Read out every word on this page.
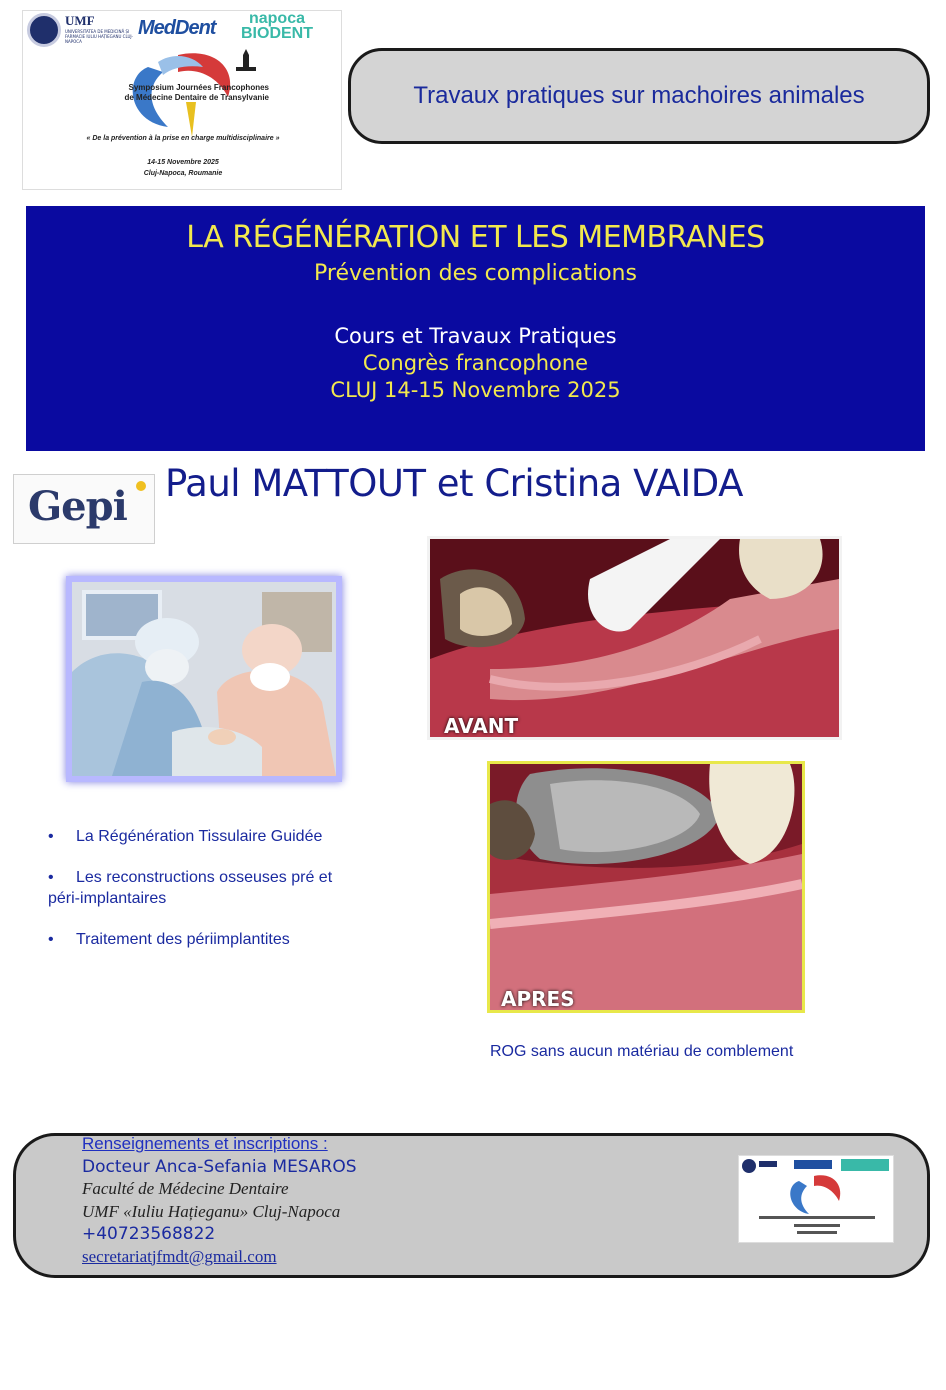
UMF
UNIVERSITATEA DE MEDICINĂ ȘI FARMACIE IULIU HAȚIEGANU CLUJ-NAPOCA
MedDent	napoca
BIODENT
Symposium Journées Francophones de Médecine Dentaire de Transylvanie
« De la prévention à la prise en charge multidisciplinaire »
14-15 Novembre 2025
Cluj-Napoca, Roumanie
Travaux pratiques sur machoires animales
LA RÉGÉNÉRATION ET LES MEMBRANES
Prévention des complications
Cours et Travaux Pratiques
Congrès francophone
CLUJ 14-15 Novembre 2025
Gepi Paul MATTOUT et Cristina VAIDA
AVANT
APRES
• La Régénération Tissulaire Guidée
• Les reconstructions osseuses pré et
péri-implantaires
• Traitement des périimplantites
ROG sans aucun matériau de comblement
Renseignements et inscriptions :
Docteur Anca-Sefania MESAROS
Faculté de Médecine Dentaire
UMF «Iuliu Hațieganu» Cluj-Napoca
+40723568822
secretariatjfmdt@gmail.com
